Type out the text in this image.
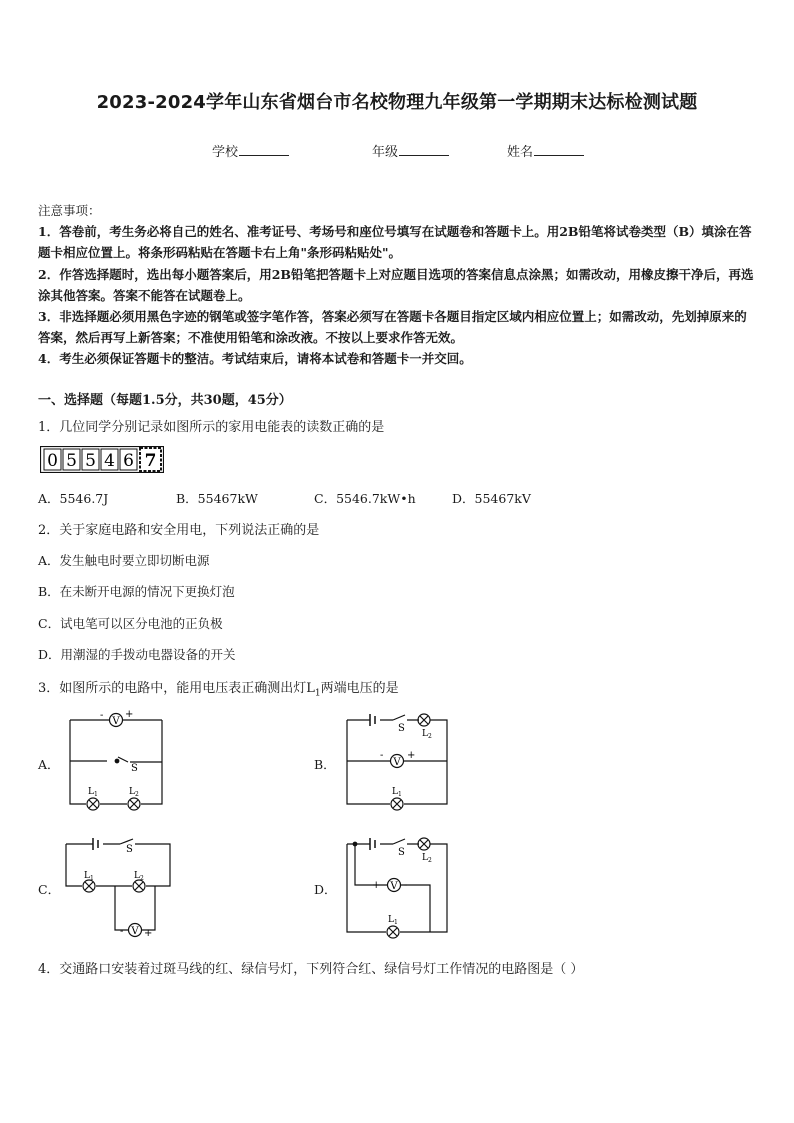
2023-2024学年山东省烟台市名校物理九年级第一学期期末达标检测试题
学校	年级	姓名

注意事项：

1．答卷前，考生务必将自己的姓名、准考证号、考场号和座位号填写在试题卷和答题卡上。用2B铅笔将试卷类型（B）填涂在答题卡相应位置上。将条形码粘贴在答题卡右上角"条形码粘贴处"。

2．作答选择题时，选出每小题答案后，用2B铅笔把答题卡上对应题目选项的答案信息点涂黑；如需改动，用橡皮擦干净后，再选涂其他答案。答案不能答在试题卷上。

3．非选择题必须用黑色字迹的钢笔或签字笔作答，答案必须写在答题卡各题目指定区域内相应位置上；如需改动，先划掉原来的答案，然后再写上新答案；不准使用铅笔和涂改液。不按以上要求作答无效。

4．考生必须保证答题卡的整洁。考试结束后，请将本试卷和答题卡一并交回。

一、选择题（每题1.5分，共30题，45分）
1．几位同学分别记录如图所示的家用电能表的读数正确的是
0 5 5 4 6 7
A．5546.7J	B．55467kW	C．5546.7kW•h	D．55467kV
2．关于家庭电路和安全用电，下列说法正确的是
A．发生触电时要立即切断电源
B．在未断开电源的情况下更换灯泡
C．试电笔可以区分电池的正负极
D．用潮湿的手拨动电器设备的开关
3．如图所示的电路中，能用电压表正确测出灯$L_1$两端电压的是
A．	B．
C．	D．
V
- +
S
$L_1$	$L_2$
V
- +
S $L_2$
$L_1$
S
$L_1$	$L_2$
V
- +
V
+ -
S $L_2$
$L_1$
4．交通路口安装着过斑马线的红、绿信号灯，下列符合红、绿信号灯工作情况的电路图是（ ）
